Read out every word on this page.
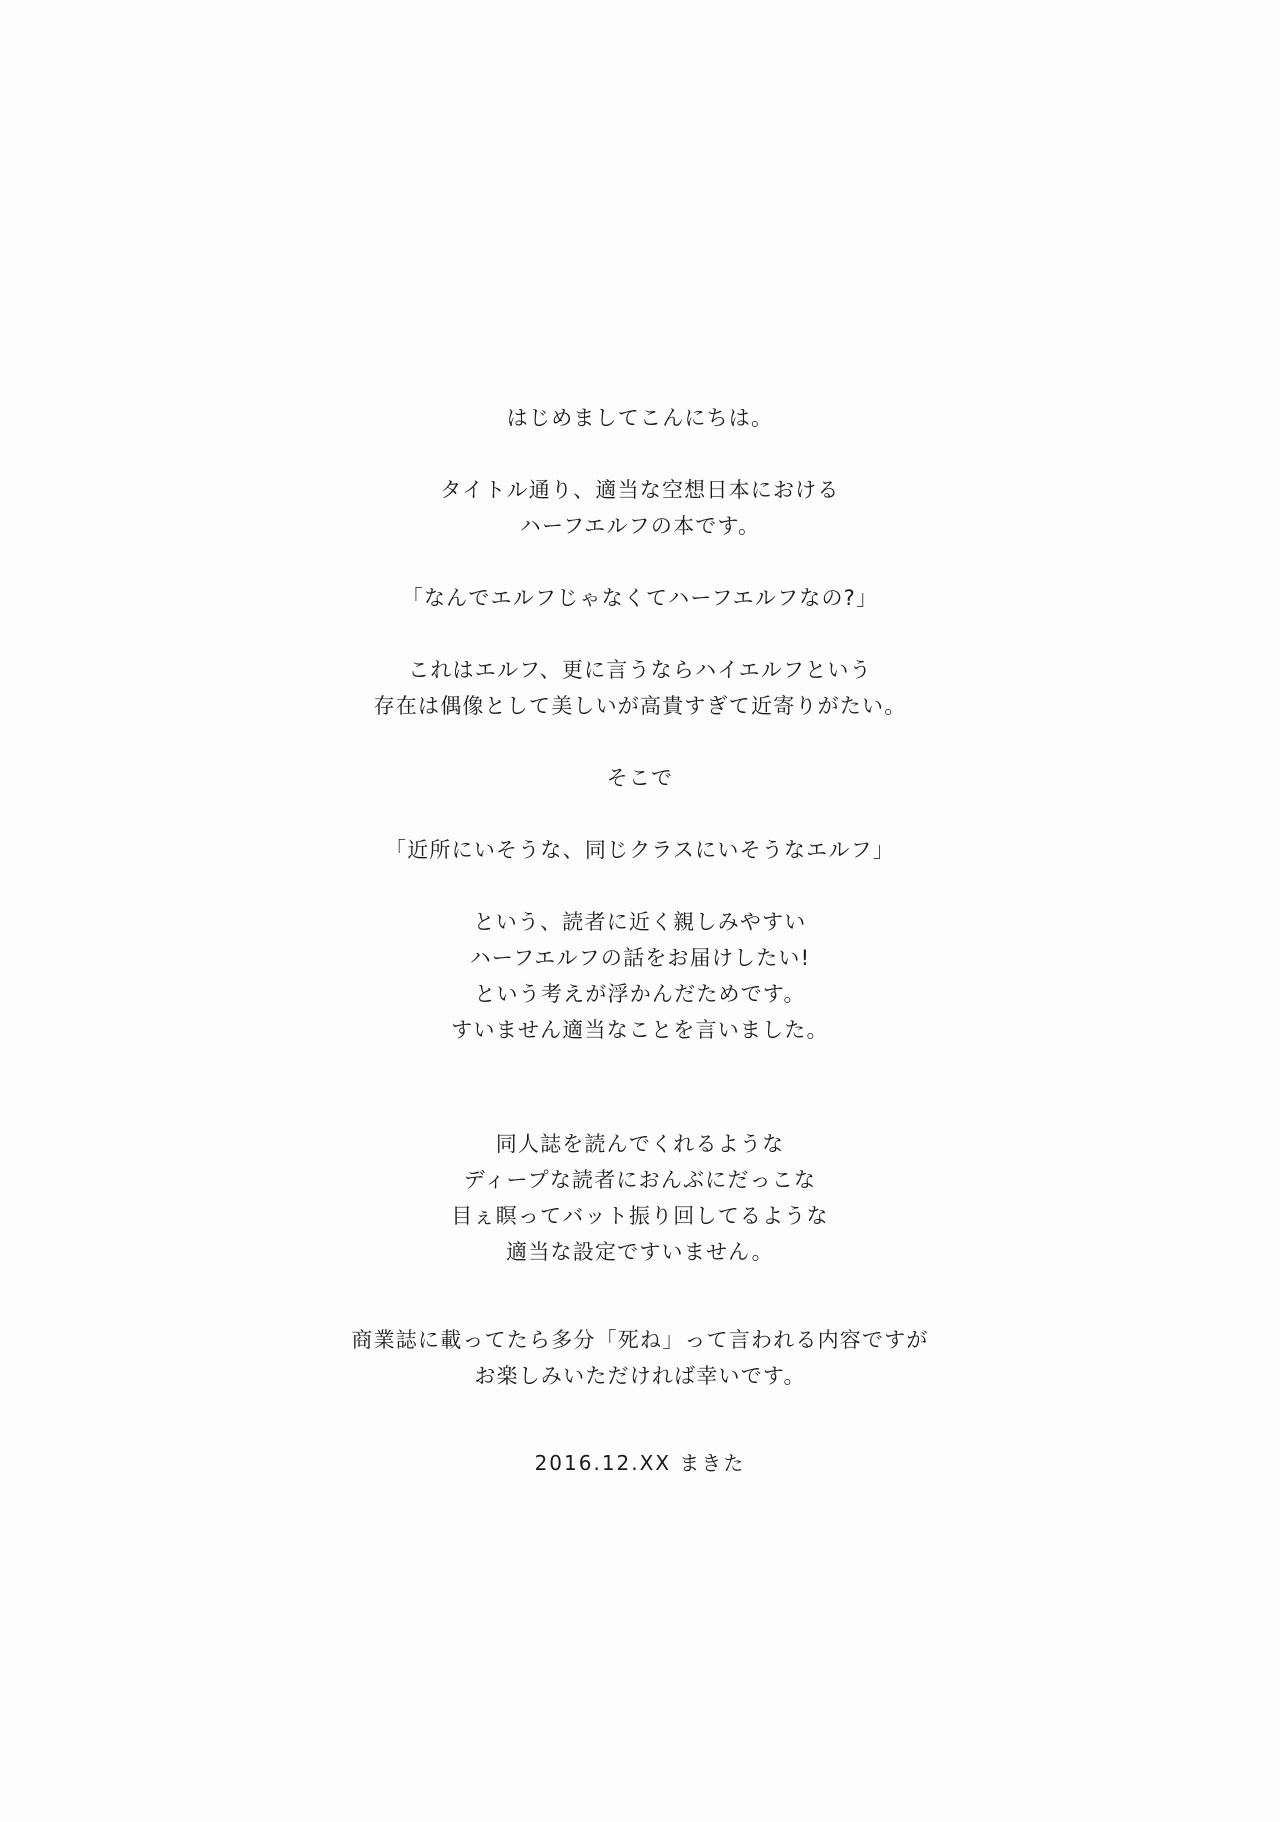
はじめましてこんにちは。
タイトル通り、適当な空想日本における
ハーフエルフの本です。
「なんでエルフじゃなくてハーフエルフなの?」
これはエルフ、更に言うならハイエルフという
存在は偶像として美しいが高貴すぎて近寄りがたい。
そこで
「近所にいそうな、同じクラスにいそうなエルフ」
という、読者に近く親しみやすい
ハーフエルフの話をお届けしたい!
という考えが浮かんだためです。
すいません適当なことを言いました。
同人誌を読んでくれるような
ディープな読者におんぶにだっこな
目ぇ瞑ってバット振り回してるような
適当な設定ですいません。
商業誌に載ってたら多分「死ね」って言われる内容ですが
お楽しみいただければ幸いです。
2016.12.XX まきた
